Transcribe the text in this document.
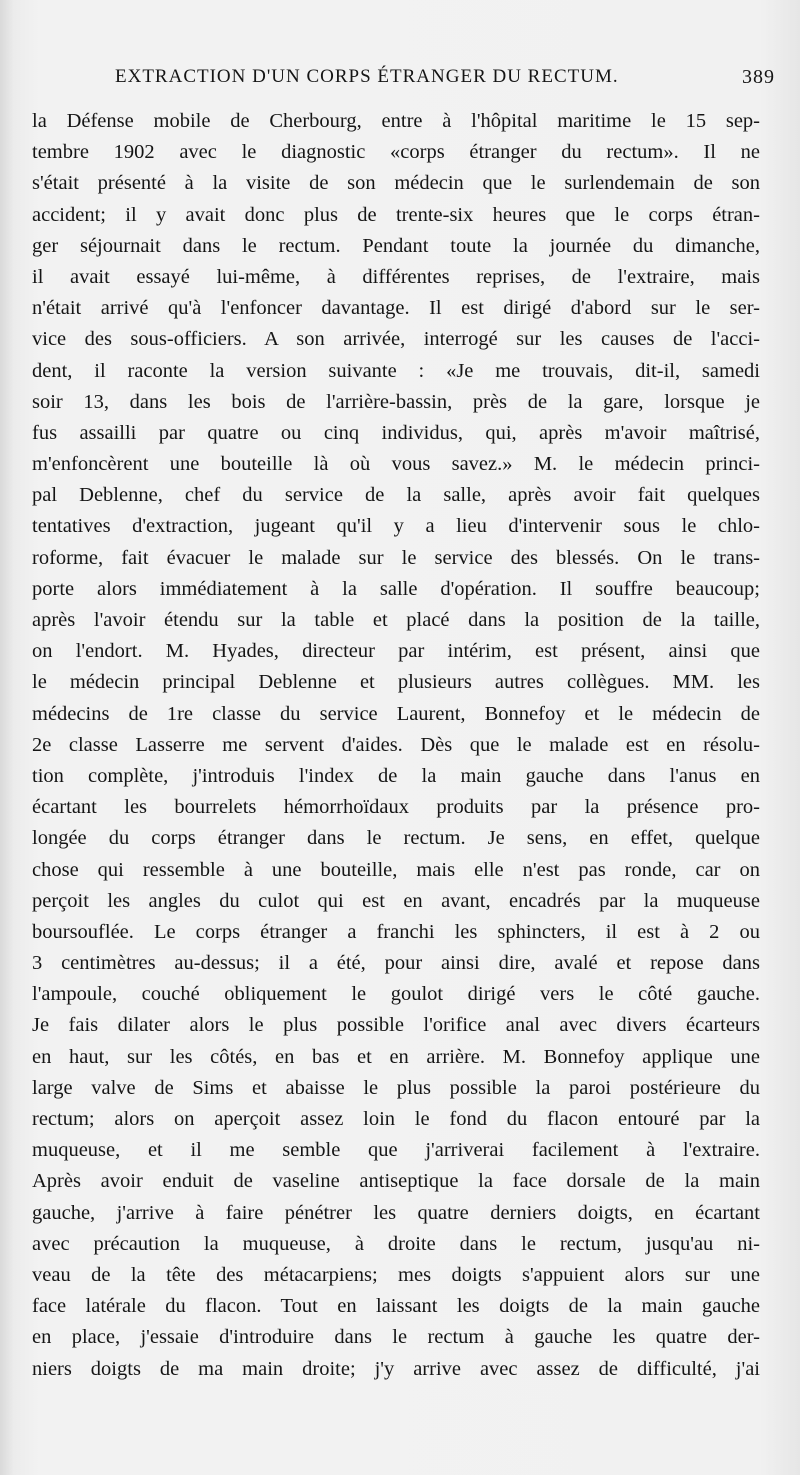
EXTRACTION D'UN CORPS ÉTRANGER DU RECTUM.	389
la Défense mobile de Cherbourg, entre à l'hôpital maritime le 15 sep-
tembre 1902 avec le diagnostic «corps étranger du rectum». Il ne
s'était présenté à la visite de son médecin que le surlendemain de son
accident; il y avait donc plus de trente-six heures que le corps étran-
ger séjournait dans le rectum. Pendant toute la journée du dimanche,
il avait essayé lui-même, à différentes reprises, de l'extraire, mais
n'était arrivé qu'à l'enfoncer davantage. Il est dirigé d'abord sur le ser-
vice des sous-officiers. A son arrivée, interrogé sur les causes de l'acci-
dent, il raconte la version suivante : «Je me trouvais, dit-il, samedi
soir 13, dans les bois de l'arrière-bassin, près de la gare, lorsque je
fus assailli par quatre ou cinq individus, qui, après m'avoir maîtrisé,
m'enfoncèrent une bouteille là où vous savez.» M. le médecin princi-
pal Deblenne, chef du service de la salle, après avoir fait quelques
tentatives d'extraction, jugeant qu'il y a lieu d'intervenir sous le chlo-
roforme, fait évacuer le malade sur le service des blessés. On le trans-
porte alors immédiatement à la salle d'opération. Il souffre beaucoup;
après l'avoir étendu sur la table et placé dans la position de la taille,
on l'endort. M. Hyades, directeur par intérim, est présent, ainsi que
le médecin principal Deblenne et plusieurs autres collègues. MM. les
médecins de 1re classe du service Laurent, Bonnefoy et le médecin de
2e classe Lasserre me servent d'aides. Dès que le malade est en résolu-
tion complète, j'introduis l'index de la main gauche dans l'anus en
écartant les bourrelets hémorrhoïdaux produits par la présence pro-
longée du corps étranger dans le rectum. Je sens, en effet, quelque
chose qui ressemble à une bouteille, mais elle n'est pas ronde, car on
perçoit les angles du culot qui est en avant, encadrés par la muqueuse
boursouflée. Le corps étranger a franchi les sphincters, il est à 2 ou
3 centimètres au-dessus; il a été, pour ainsi dire, avalé et repose dans
l'ampoule, couché obliquement le goulot dirigé vers le côté gauche.
Je fais dilater alors le plus possible l'orifice anal avec divers écarteurs
en haut, sur les côtés, en bas et en arrière. M. Bonnefoy applique une
large valve de Sims et abaisse le plus possible la paroi postérieure du
rectum; alors on aperçoit assez loin le fond du flacon entouré par la
muqueuse, et il me semble que j'arriverai facilement à l'extraire.
Après avoir enduit de vaseline antiseptique la face dorsale de la main
gauche, j'arrive à faire pénétrer les quatre derniers doigts, en écartant
avec précaution la muqueuse, à droite dans le rectum, jusqu'au ni-
veau de la tête des métacarpiens; mes doigts s'appuient alors sur une
face latérale du flacon. Tout en laissant les doigts de la main gauche
en place, j'essaie d'introduire dans le rectum à gauche les quatre der-
niers doigts de ma main droite; j'y arrive avec assez de difficulté, j'ai
